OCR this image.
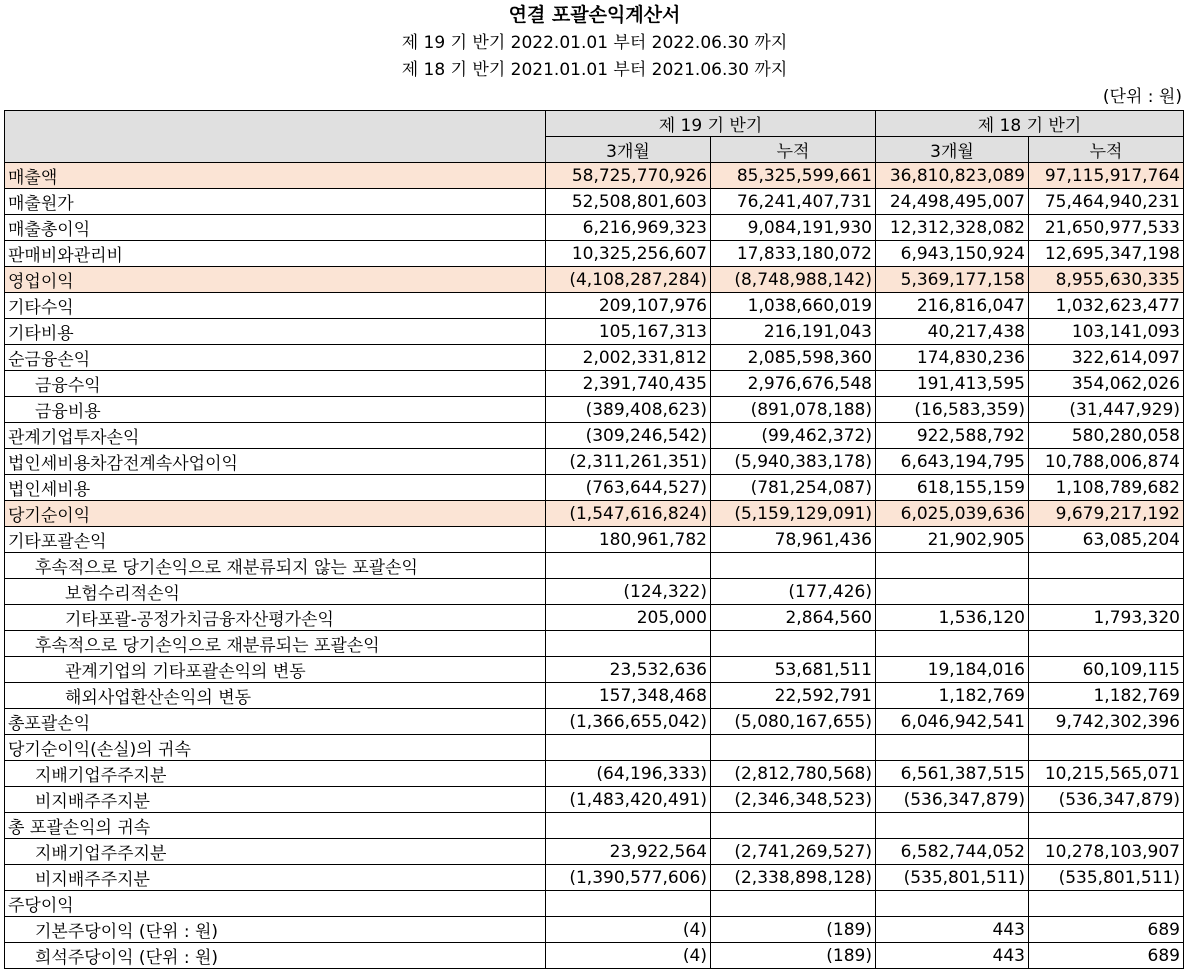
연결 포괄손익계산서
제 19 기 반기 2022.01.01 부터 2022.06.30 까지
제 18 기 반기 2021.01.01 부터 2021.06.30 까지
(단위 : 원)
	제 19 기 반기		제 18 기 반기	
	3개월	누적	3개월	누적
매출액	58,725,770,926	85,325,599,661	36,810,823,089	97,115,917,764
매출원가	52,508,801,603	76,241,407,731	24,498,495,007	75,464,940,231
매출총이익	6,216,969,323	9,084,191,930	12,312,328,082	21,650,977,533
판매비와관리비	10,325,256,607	17,833,180,072	6,943,150,924	12,695,347,198
영업이익	(4,108,287,284)	(8,748,988,142)	5,369,177,158	8,955,630,335
기타수익	209,107,976	1,038,660,019	216,816,047	1,032,623,477
기타비용	105,167,313	216,191,043	40,217,438	103,141,093
순금융손익	2,002,331,812	2,085,598,360	174,830,236	322,614,097
금융수익	2,391,740,435	2,976,676,548	191,413,595	354,062,026
금융비용	(389,408,623)	(891,078,188)	(16,583,359)	(31,447,929)
관계기업투자손익	(309,246,542)	(99,462,372)	922,588,792	580,280,058
법인세비용차감전계속사업이익	(2,311,261,351)	(5,940,383,178)	6,643,194,795	10,788,006,874
법인세비용	(763,644,527)	(781,254,087)	618,155,159	1,108,789,682
당기순이익	(1,547,616,824)	(5,159,129,091)	6,025,039,636	9,679,217,192
기타포괄손익	180,961,782	78,961,436	21,902,905	63,085,204
후속적으로 당기손익으로 재분류되지 않는 포괄손익				
보험수리적손익	(124,322)	(177,426)		
기타포괄-공정가치금융자산평가손익	205,000	2,864,560	1,536,120	1,793,320
후속적으로 당기손익으로 재분류되는 포괄손익				
관계기업의 기타포괄손익의 변동	23,532,636	53,681,511	19,184,016	60,109,115
해외사업환산손익의 변동	157,348,468	22,592,791	1,182,769	1,182,769
총포괄손익	(1,366,655,042)	(5,080,167,655)	6,046,942,541	9,742,302,396
당기순이익(손실)의 귀속				
지배기업주주지분	(64,196,333)	(2,812,780,568)	6,561,387,515	10,215,565,071
비지배주주지분	(1,483,420,491)	(2,346,348,523)	(536,347,879)	(536,347,879)
총 포괄손익의 귀속				
지배기업주주지분	23,922,564	(2,741,269,527)	6,582,744,052	10,278,103,907
비지배주주지분	(1,390,577,606)	(2,338,898,128)	(535,801,511)	(535,801,511)
주당이익				
기본주당이익 (단위 : 원)	(4)	(189)	443	689
희석주당이익 (단위 : 원)	(4)	(189)	443	689
